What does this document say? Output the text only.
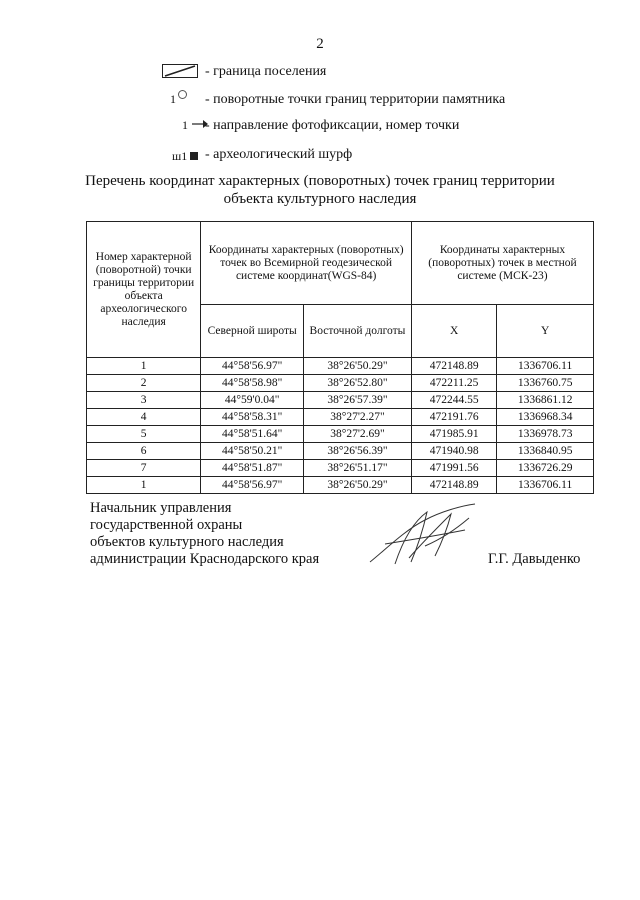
2
- граница поселения
1	- поворотные точки границ территории памятника
1	- направление фотофиксации, номер точки
ш1	- археологический шурф
Перечень координат характерных (поворотных) точек границ территории
объекта культурного наследия
Номер характерной (поворотной) точки границы территории объекта археологического наследия	Координаты характерных (поворотных) точек во Всемирной геодезической системе координат(WGS-84)		Координаты характерных (поворотных) точек в местной системе (МСК-23)	
	Северной широты	Восточной долготы	X	Y
1	44°58'56.97"	38°26'50.29"	472148.89	1336706.11
2	44°58'58.98"	38°26'52.80"	472211.25	1336760.75
3	44°59'0.04"	38°26'57.39"	472244.55	1336861.12
4	44°58'58.31"	38°27'2.27"	472191.76	1336968.34
5	44°58'51.64"	38°27'2.69"	471985.91	1336978.73
6	44°58'50.21"	38°26'56.39"	471940.98	1336840.95
7	44°58'51.87"	38°26'51.17"	471991.56	1336726.29
1	44°58'56.97"	38°26'50.29"	472148.89	1336706.11
Начальник управления
государственной охраны
объектов культурного наследия
администрации Краснодарского края	Г.Г. Давыденко
